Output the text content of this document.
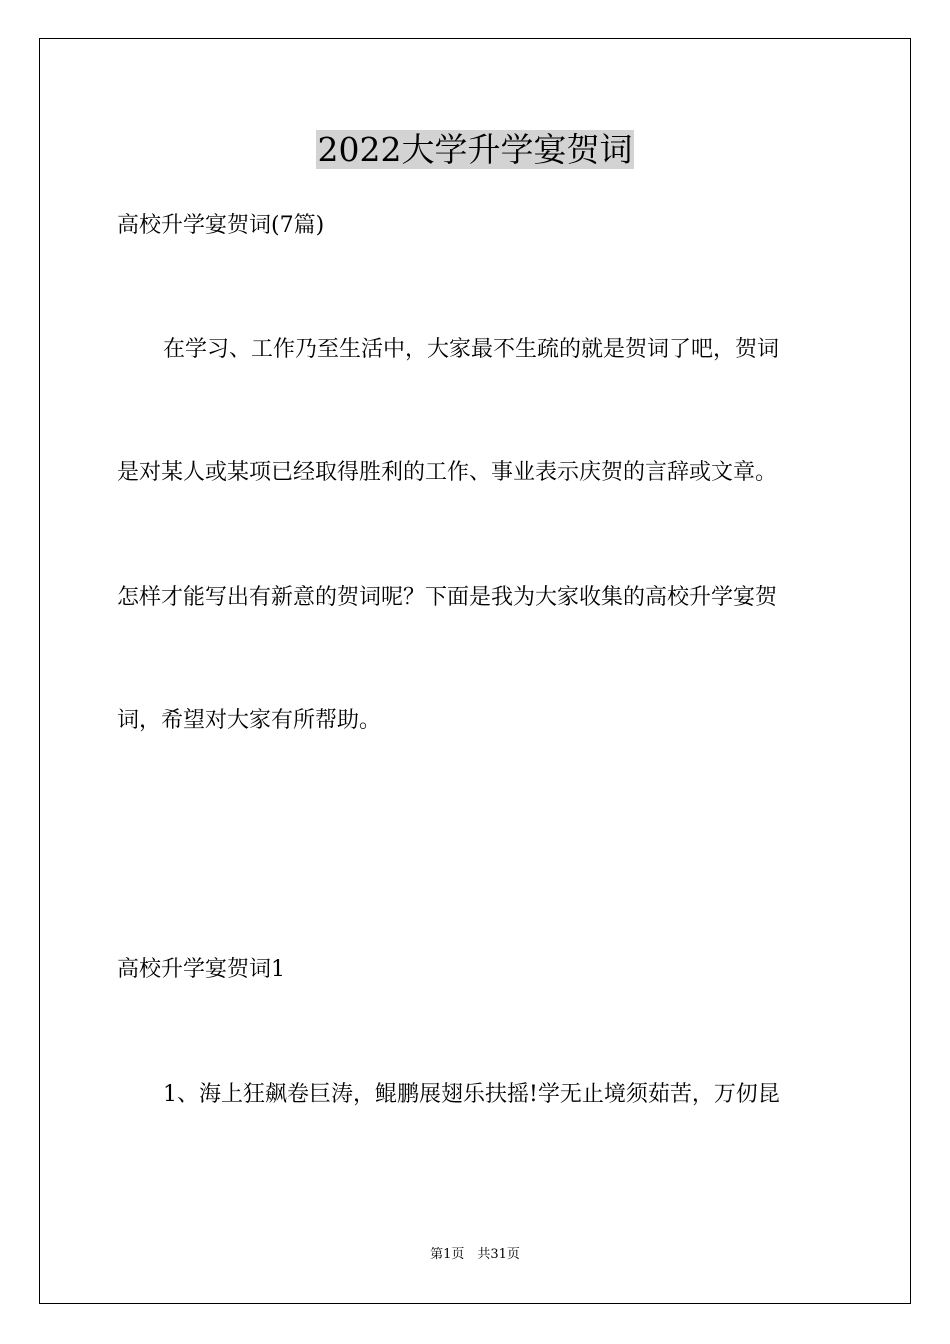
2022大学升学宴贺词
高校升学宴贺词(7篇)
在学习、工作乃至生活中，大家最不生疏的就是贺词了吧，贺词
是对某人或某项已经取得胜利的工作、事业表示庆贺的言辞或文章。
怎样才能写出有新意的贺词呢？下面是我为大家收集的高校升学宴贺
词，希望对大家有所帮助。
高校升学宴贺词1
1、海上狂飙卷巨涛，鲲鹏展翅乐扶摇!学无止境须茹苦，万仞昆
第1页　共31页
